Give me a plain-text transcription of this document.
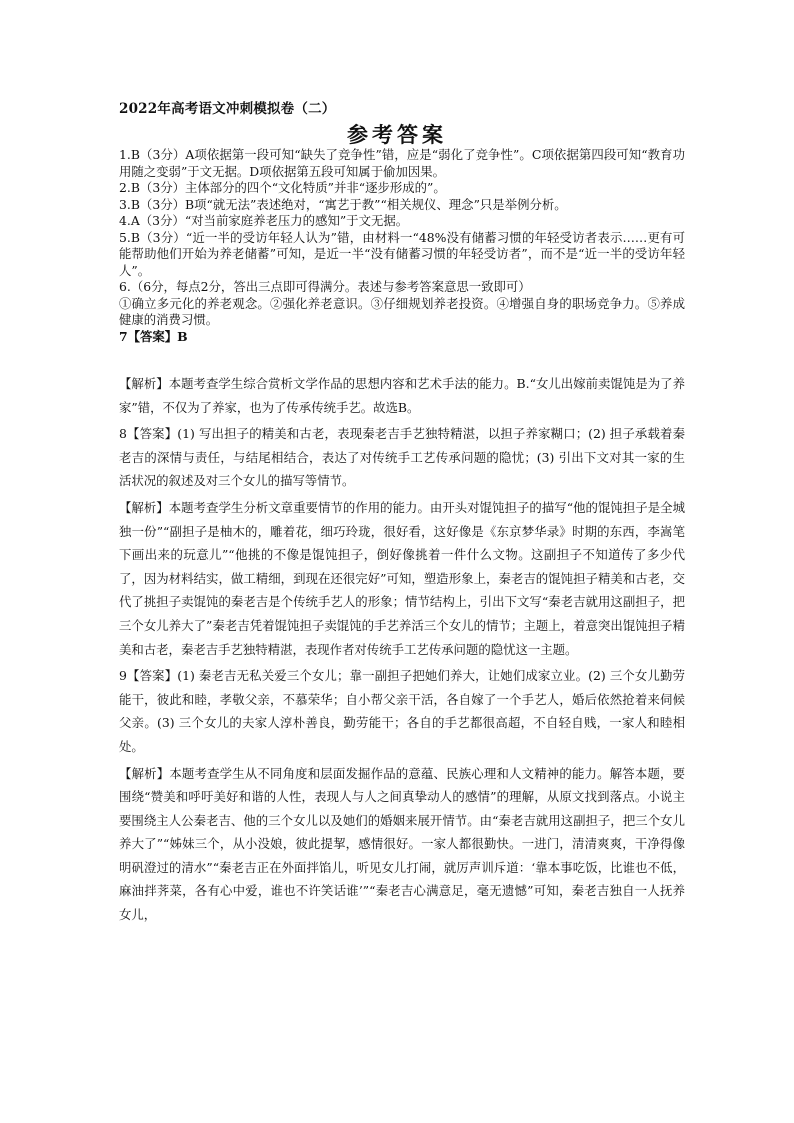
2022年高考语文冲刺模拟卷（二）
参考答案

1.B（3分）A项依据第一段可知“缺失了竞争性”错，应是“弱化了竞争性”。C项依据第四段可知“教育功用随之变弱”于文无据。D项依据第五段可知属于偷加因果。

2.B（3分）主体部分的四个“文化特质”并非“逐步形成的”。

3.B（3分）B项“就无法”表述绝对，“寓艺于教”“相关规仪、理念”只是举例分析。

4.A（3分）“对当前家庭养老压力的感知”于文无据。

5.B（3分）“近一半的受访年轻人认为”错，由材料一“48%没有储蓄习惯的年轻受访者表示……更有可能帮助他们开始为养老储蓄”可知，是近一半“没有储蓄习惯的年轻受访者”，而不是“近一半的受访年轻人”。

6.（6分，每点2分，答出三点即可得满分。表述与参考答案意思一致即可）

①确立多元化的养老观念。②强化养老意识。③仔细规划养老投资。④增强自身的职场竞争力。⑤养成健康的消费习惯。

7【答案】B

【解析】本题考查学生综合赏析文学作品的思想内容和艺术手法的能力。B.“女儿出嫁前卖馄饨是为了养家”错，不仅为了养家，也为了传承传统手艺。故选B。

8【答案】(1) 写出担子的精美和古老，表现秦老吉手艺独特精湛，以担子养家糊口；(2) 担子承载着秦老吉的深情与责任，与结尾相结合，表达了对传统手工艺传承问题的隐忧；(3) 引出下文对其一家的生活状况的叙述及对三个女儿的描写等情节。

【解析】本题考查学生分析文章重要情节的作用的能力。由开头对馄饨担子的描写“他的馄饨担子是全城独一份”“副担子是柚木的，雕着花，细巧玲珑，很好看，这好像是《东京梦华录》时期的东西，李嵩笔下画出来的玩意儿”“他挑的不像是馄饨担子，倒好像挑着一件什么文物。这副担子不知道传了多少代了，因为材料结实，做工精细，到现在还很完好”可知，塑造形象上，秦老吉的馄饨担子精美和古老，交代了挑担子卖馄饨的秦老吉是个传统手艺人的形象；情节结构上，引出下文写“秦老吉就用这副担子，把三个女儿养大了”秦老吉凭着馄饨担子卖馄饨的手艺养活三个女儿的情节；主题上，着意突出馄饨担子精美和古老，秦老吉手艺独特精湛，表现作者对传统手工艺传承问题的隐忧这一主题。

9【答案】(1) 秦老吉无私关爱三个女儿；靠一副担子把她们养大，让她们成家立业。(2) 三个女儿勤劳能干，彼此和睦，孝敬父亲，不慕荣华；自小帮父亲干活，各自嫁了一个手艺人，婚后依然抢着来伺候父亲。(3) 三个女儿的夫家人淳朴善良，勤劳能干；各自的手艺都很高超，不自轻自贱，一家人和睦相处。

【解析】本题考查学生从不同角度和层面发掘作品的意蕴、民族心理和人文精神的能力。解答本题，要围绕“赞美和呼吁美好和谐的人性，表现人与人之间真挚动人的感情”的理解，从原文找到落点。小说主要围绕主人公秦老吉、他的三个女儿以及她们的婚姻来展开情节。由“秦老吉就用这副担子，把三个女儿养大了”“姊妹三个，从小没娘，彼此提挈，感情很好。一家人都很勤快。一进门，清清爽爽，干净得像明矾澄过的清水”“秦老吉正在外面拌馅儿，听见女儿打闹，就厉声训斥道：‘靠本事吃饭，比谁也不低，麻油拌荠菜，各有心中爱，谁也不许笑话谁’”“秦老吉心满意足，毫无遗憾”可知，秦老吉独自一人抚养女儿，
